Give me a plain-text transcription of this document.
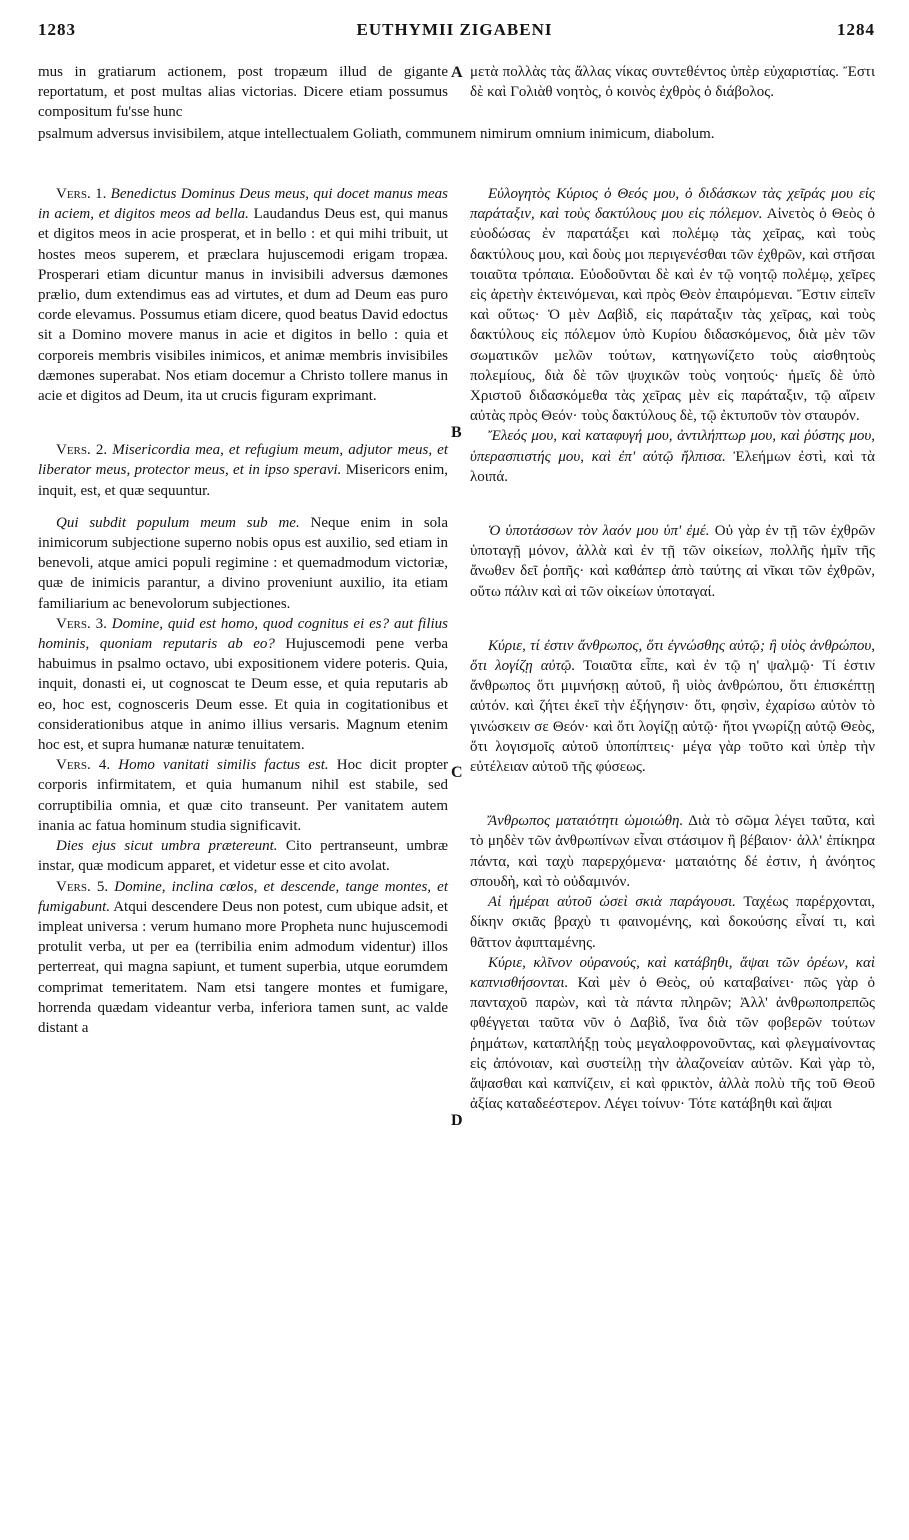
1283	EUTHYMII ZIGABENI	1284
A
B
C
D

mus in gratiarum actionem, post tropæum illud de gigante reportatum, et post multas alias victorias. Dicere etiam possumus compositum fu'sse hunc

μετὰ πολλὰς τὰς ἄλλας νίκας συντεθέντος ὑπὲρ εὐχαριστίας. Ἔστι δὲ καὶ Γολιὰθ νοητὸς, ὁ κοινὸς ἐχθρὸς ὁ διάβολος.

psalmum adversus invisibilem, atque intellectualem Goliath, communem nimirum omnium inimicum, diabolum.

Vers. 1. Benedictus Dominus Deus meus, qui docet manus meas in aciem, et digitos meos ad bella. Laudandus Deus est, qui manus et digitos meos in acie prosperat, et in bello : et qui mihi tribuit, ut hostes meos superem, et præclara hujuscemodi erigam tropæa. Prosperari etiam dicuntur manus in invisibili adversus dæmones prælio, dum extendimus eas ad virtutes, et dum ad Deum eas puro corde elevamus. Possumus etiam dicere, quod beatus David edoctus sit a Domino movere manus in acie et digitos in bello : quia et corporeis membris visibiles inimicos, et animæ membris invisibiles dæmones superabat. Nos etiam docemur a Christo tollere manus in acie et digitos ad Deum, ita ut crucis figuram exprimant.

Vers. 2. Misericordia mea, et refugium meum, adjutor meus, et liberator meus, protector meus, et in ipso speravi. Misericors enim, inquit, est, et quæ sequuntur.

Qui subdit populum meum sub me. Neque enim in sola inimicorum subjectione superno nobis opus est auxilio, sed etiam in benevoli, atque amici populi regimine : et quemadmodum victoriæ, quæ de inimicis parantur, a divino proveniunt auxilio, ita etiam familiarium ac benevolorum subjectiones.

Vers. 3. Domine, quid est homo, quod cognitus ei es? aut filius hominis, quoniam reputaris ab eo? Hujuscemodi pene verba habuimus in psalmo octavo, ubi expositionem videre poteris. Quia, inquit, donasti ei, ut cognoscat te Deum esse, et quia reputaris ab eo, hoc est, cognosceris Deum esse. Et quia in cogitationibus et considerationibus atque in animo illius versaris. Magnum etenim hoc est, et supra humanæ naturæ tenuitatem.

Vers. 4. Homo vanitati similis factus est. Hoc dicit propter corporis infirmitatem, et quia humanum nihil est stabile, sed corruptibilia omnia, et quæ cito transeunt. Per vanitatem autem inania ac fatua hominum studia significavit.

Dies ejus sicut umbra prætereunt. Cito pertranseunt, umbræ instar, quæ modicum apparet, et videtur esse et cito avolat.

Vers. 5. Domine, inclina cœlos, et descende, tange montes, et fumigabunt. Atqui descendere Deus non potest, cum ubique adsit, et impleat universa : verum humano more Propheta nunc hujuscemodi protulit verba, ut per ea (terribilia enim admodum videntur) illos perterreat, qui magna sapiunt, et tument superbia, utque eorumdem comprimat temeritatem. Nam etsi tangere montes et fumigare, horrenda quædam videantur verba, inferiora tamen sunt, ac valde distant a

Εὐλογητὸς Κύριος ὁ Θεός μου, ὁ διδάσκων τὰς χεῖράς μου εἰς παράταξιν, καὶ τοὺς δακτύλους μου εἰς πόλεμον. Αἰνετὸς ὁ Θεὸς ὁ εὐοδώσας ἐν παρατάξει καὶ πολέμῳ τὰς χεῖρας, καὶ τοὺς δακτύλους μου, καὶ δοὺς μοι περιγενέσθαι τῶν ἐχθρῶν, καὶ στῆσαι τοιαῦτα τρόπαια. Εὐοδοῦνται δὲ καὶ ἐν τῷ νοητῷ πολέμῳ, χεῖρες εἰς ἀρετὴν ἐκτεινόμεναι, καὶ πρὸς Θεὸν ἐπαιρόμεναι. Ἔστιν εἰπεῖν καὶ οὕτως· Ὁ μὲν Δαβὶδ, εἰς παράταξιν τὰς χεῖρας, καὶ τοὺς δακτύλους εἰς πόλεμον ὑπὸ Κυρίου διδασκόμενος, διὰ μὲν τῶν σωματικῶν μελῶν τούτων, κατηγωνίζετο τοὺς αἰσθητοὺς πολεμίους, διὰ δὲ τῶν ψυχικῶν τοὺς νοητούς· ἡμεῖς δὲ ὑπὸ Χριστοῦ διδασκόμεθα τὰς χεῖρας μὲν εἰς παράταξιν, τῷ αἴρειν αὐτὰς πρὸς Θεόν· τοὺς δακτύλους δὲ, τῷ ἐκτυποῦν τὸν σταυρόν.

Ἔλεός μου, καὶ καταφυγή μου, ἀντιλήπτωρ μου, καὶ ῥύστης μου, ὑπερασπιστής μου, καὶ ἐπ' αὐτῷ ἤλπισα. Ἐλεήμων ἐστὶ, καὶ τὰ λοιπά.

Ὁ ὑποτάσσων τὸν λαόν μου ὑπ' ἐμέ. Οὐ γὰρ ἐν τῇ τῶν ἐχθρῶν ὑποταγῇ μόνον, ἀλλὰ καὶ ἐν τῇ τῶν οἰκείων, πολλῆς ἡμῖν τῆς ἄνωθεν δεῖ ῥοπῆς· καὶ καθάπερ ἀπὸ ταύτης αἱ νῖκαι τῶν ἐχθρῶν, οὕτω πάλιν καὶ αἱ τῶν οἰκείων ὑποταγαί.

Κύριε, τί ἐστιν ἄνθρωπος, ὅτι ἐγνώσθης αὐτῷ; ἢ υἱὸς ἀνθρώπου, ὅτι λογίζῃ αὐτῷ. Τοιαῦτα εἶπε, καὶ ἐν τῷ η' ψαλμῷ· Τί ἐστιν ἄνθρωπος ὅτι μιμνήσκῃ αὐτοῦ, ἢ υἱὸς ἀνθρώπου, ὅτι ἐπισκέπτῃ αὐτόν. καὶ ζήτει ἐκεῖ τὴν ἐξήγησιν· ὅτι, φησὶν, ἐχαρίσω αὐτὸν τὸ γινώσκειν σε Θεόν· καὶ ὅτι λογίζῃ αὐτῷ· ἤτοι γνωρίζῃ αὐτῷ Θεὸς, ὅτι λογισμοῖς αὐτοῦ ὑποπίπτεις· μέγα γὰρ τοῦτο καὶ ὑπὲρ τὴν εὐτέλειαν αὐτοῦ τῆς φύσεως.

Ἄνθρωπος ματαιότητι ὡμοιώθη. Διὰ τὸ σῶμα λέγει ταῦτα, καὶ τὸ μηδὲν τῶν ἀνθρωπίνων εἶναι στάσιμον ἢ βέβαιον· ἀλλ' ἐπίκηρα πάντα, καὶ ταχὺ παρερχόμενα· ματαιότης δέ ἐστιν, ἡ ἀνόητος σπουδὴ, καὶ τὸ οὐδαμινόν.

Αἱ ἡμέραι αὐτοῦ ὡσεὶ σκιὰ παράγουσι. Ταχέως παρέρχονται, δίκην σκιᾶς βραχὺ τι φαινομένης, καὶ δοκούσης εἶναί τι, καὶ θᾶττον ἀφιπταμένης.

Κύριε, κλῖνον οὐρανούς, καὶ κατάβηθι, ἅψαι τῶν ὀρέων, καὶ καπνισθήσονται. Καὶ μὲν ὁ Θεὸς, οὐ καταβαίνει· πῶς γὰρ ὁ πανταχοῦ παρὼν, καὶ τὰ πάντα πληρῶν; Ἀλλ' ἀνθρωποπρεπῶς φθέγγεται ταῦτα νῦν ὁ Δαβὶδ, ἵνα διὰ τῶν φοβερῶν τούτων ῥημάτων, καταπλήξῃ τοὺς μεγαλοφρονοῦντας, καὶ φλεγμαίνοντας εἰς ἀπόνοιαν, καὶ συστείλῃ τὴν ἀλαζονείαν αὐτῶν. Καὶ γὰρ τὸ, ἅψασθαι καὶ καπνίζειν, εἰ καὶ φρικτὸν, ἀλλὰ πολὺ τῆς τοῦ Θεοῦ ἀξίας καταδεέστερον. Λέγει τοίνυν· Τότε κατάβηθι καὶ ἅψαι
